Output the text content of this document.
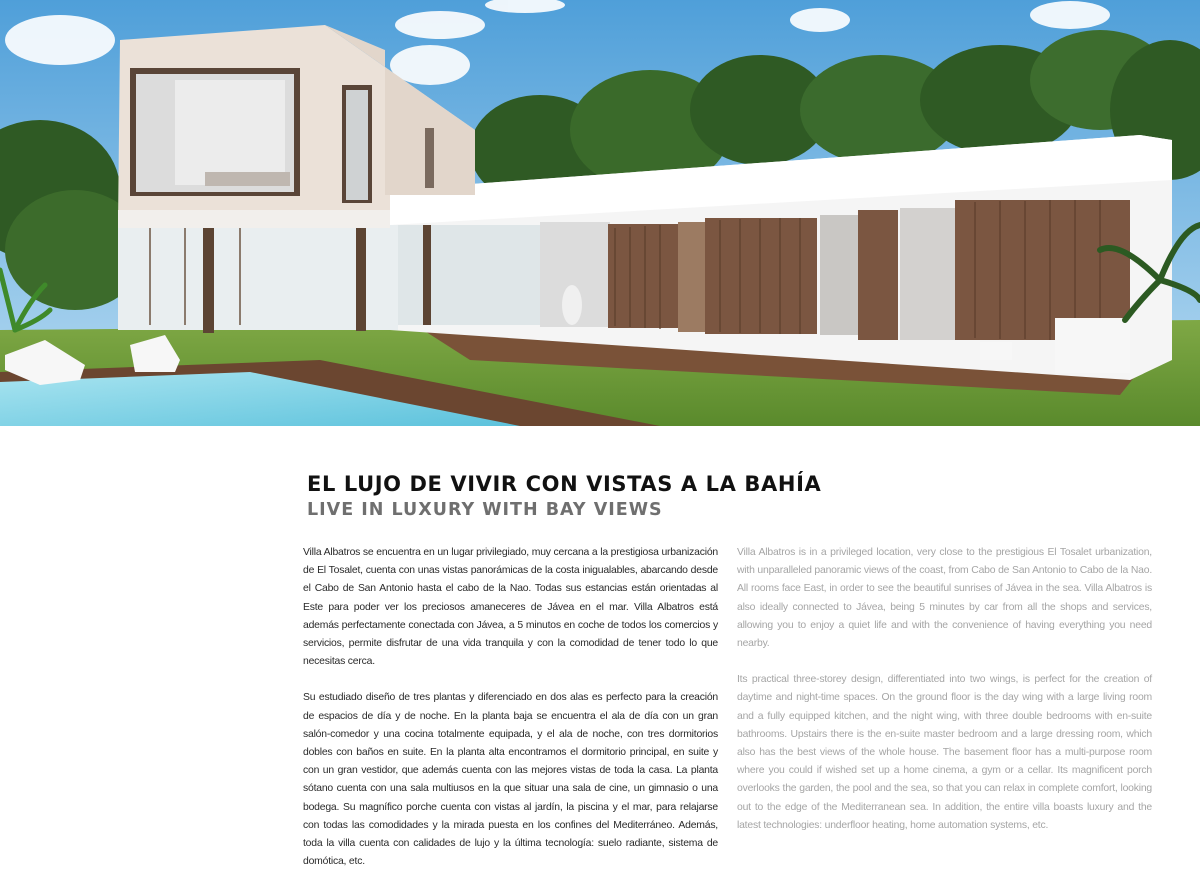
EL LUJO DE VIVIR CON VISTAS A LA BAHÍA
LIVE IN LUXURY WITH BAY VIEWS

Villa Albatros se encuentra en un lugar privilegiado, muy cercana a la prestigiosa urbanización de El Tosalet, cuenta con unas vistas panorámicas de la costa inigualables, abarcando desde el Cabo de San Antonio hasta el cabo de la Nao. Todas sus estancias están orientadas al Este para poder ver los preciosos amaneceres de Jávea en el mar. Villa Albatros está además perfectamente conectada con Jávea, a 5 minutos en coche de todos los comercios y servicios, permite disfrutar de una vida tranquila y con la comodidad de tener todo lo que necesitas cerca.

Su estudiado diseño de tres plantas y diferenciado en dos alas es perfecto para la creación de espacios de día y de noche. En la planta baja se encuentra el ala de día con un gran salón-comedor y una cocina totalmente equipada, y el ala de noche, con tres dormitorios dobles con baños en suite. En la planta alta encontramos el dormitorio principal, en suite y con un gran vestidor, que además cuenta con las mejores vistas de toda la casa. La planta sótano cuenta con una sala multiusos en la que situar una sala de cine, un gimnasio o una bodega. Su magnífico porche cuenta con vistas al jardín, la piscina y el mar, para relajarse con todas las comodidades y la mirada puesta en los confines del Mediterráneo. Además, toda la villa cuenta con calidades de lujo y la última tecnología: suelo radiante, sistema de domótica, etc.

Villa Albatros is in a privileged location, very close to the prestigious El Tosalet urbanization, with unparalleled panoramic views of the coast, from Cabo de San Antonio to Cabo de la Nao. All rooms face East, in order to see the beautiful sunrises of Jávea in the sea. Villa Albatros is also ideally connected to Jávea, being 5 minutes by car from all the shops and services, allowing you to enjoy a quiet life and with the convenience of having everything you need nearby.

Its practical three-storey design, differentiated into two wings, is perfect for the creation of daytime and night-time spaces. On the ground floor is the day wing with a large living room and a fully equipped kitchen, and the night wing, with three double bedrooms with en-suite bathrooms. Upstairs there is the en-suite master bedroom and a large dressing room, which also has the best views of the whole house. The basement floor has a multi-purpose room where you could if wished set up a home cinema, a gym or a cellar. Its magnificent porch overlooks the garden, the pool and the sea, so that you can relax in complete comfort, looking out to the edge of the Mediterranean sea. In addition, the entire villa boasts luxury and the latest technologies: underfloor heating, home automation systems, etc.
